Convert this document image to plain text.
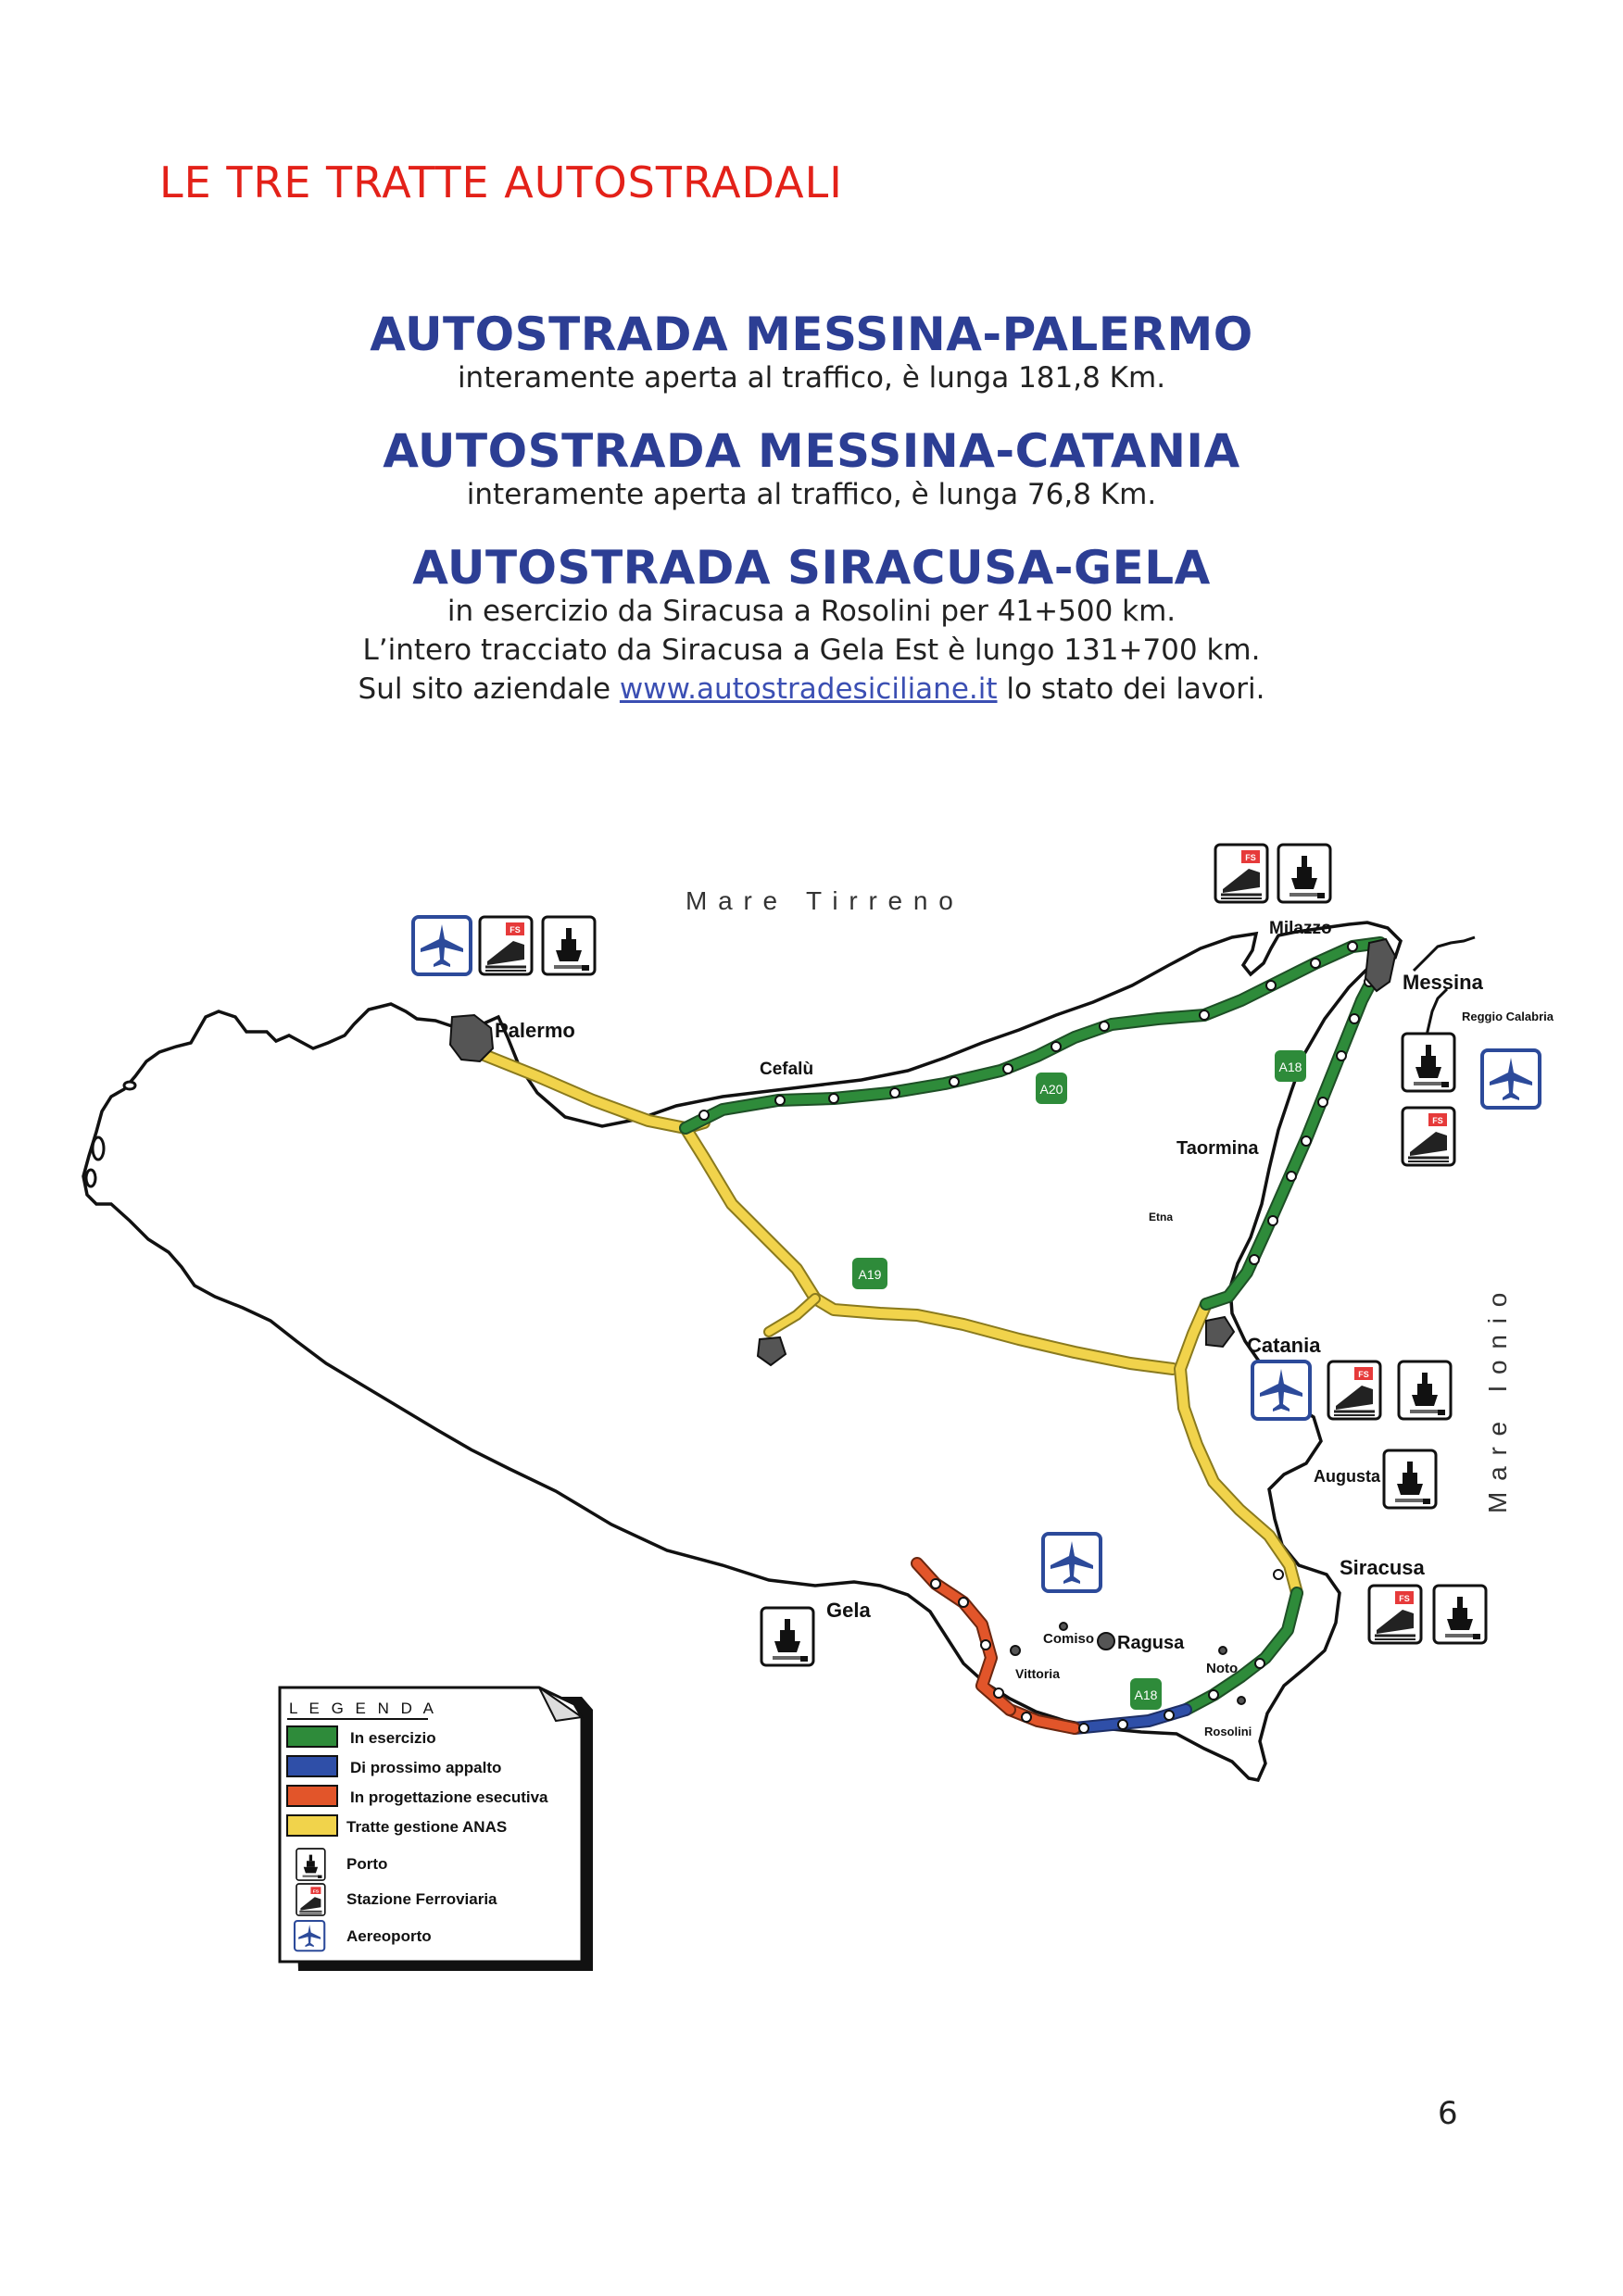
LE TRE TRATTE AUTOSTRADALI
AUTOSTRADA MESSINA-PALERMO
interamente aperta al traffico, è lunga 181,8 Km.
AUTOSTRADA MESSINA-CATANIA
interamente aperta al traffico, è lunga 76,8 Km.
AUTOSTRADA SIRACUSA-GELA
in esercizio da Siracusa a Rosolini per 41+500 km.
L’intero tracciato da Siracusa a Gela Est è lungo 131+700 km.
Sul sito aziendale www.autostradesiciliane.it lo stato dei lavori.
FS
A20
A18
A19
A18
M a r e   T i r r e n o
M a r e   I o n i o
Palermo
Cefalù
Milazzo
Messina
Reggio Calabria
Taormina
Etna
Catania
Augusta
Siracusa
Noto
Rosolini
Ragusa
Comiso
Vittoria
Gela
L E G E N D A
In esercizio
Di prossimo appalto
In progettazione esecutiva
Tratte gestione ANAS
Porto
Stazione Ferroviaria
Aereoporto
6
